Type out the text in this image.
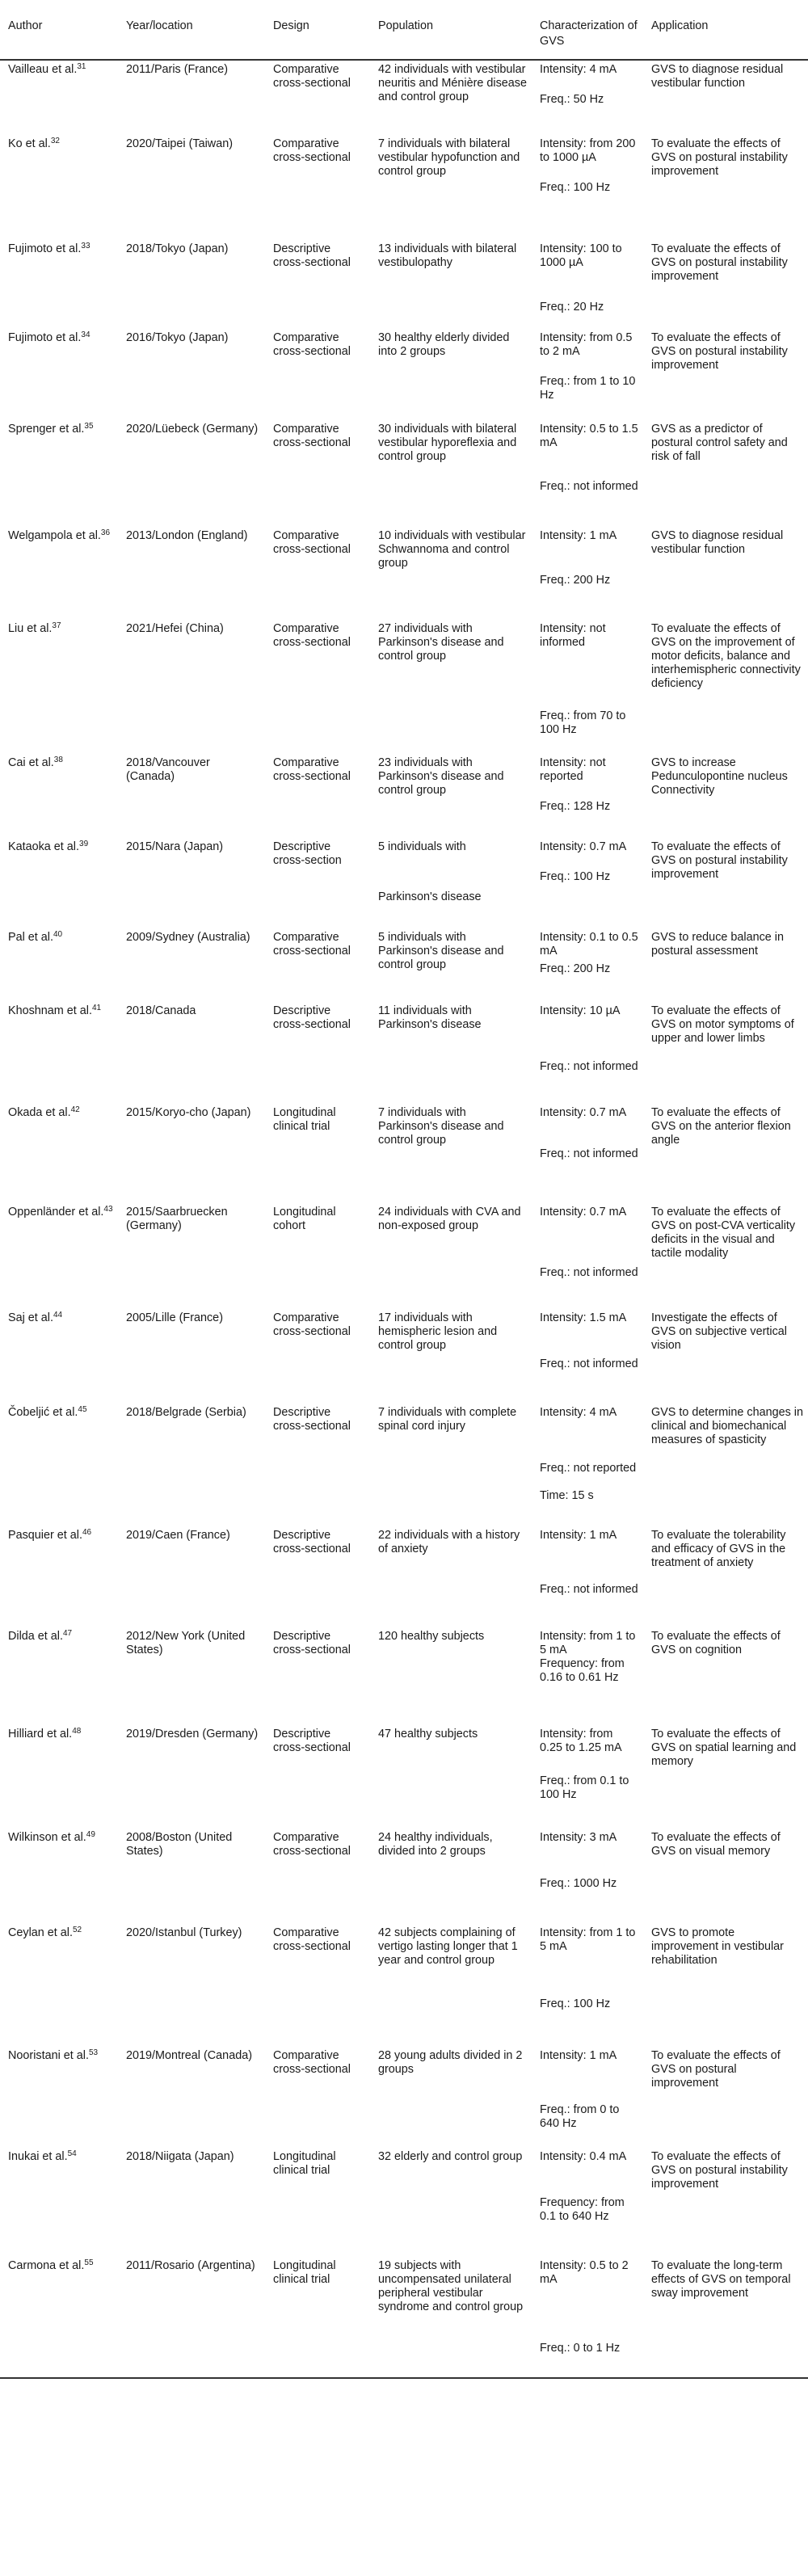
Author	Year/location	Design	Population	Characterization of GVS	Application
Vailleau et al.$^{31}$	2011/Paris (France)	Comparative cross-sectional	42 individuals with vestibular neuritis and Ménière disease and control group	Intensity: 4 mA
Freq.: 50 Hz	GVS to diagnose residual vestibular function
Ko et al.$^{32}$	2020/Taipei (Taiwan)	Comparative cross-sectional	7 individuals with bilateral vestibular hypofunction and control group	Intensity: from 200 to 1000 µA
Freq.: 100 Hz	To evaluate the effects of GVS on postural instability improvement
Fujimoto et al.$^{33}$	2018/Tokyo (Japan)	Descriptive cross-sectional	13 individuals with bilateral vestibulopathy	Intensity: 100 to 1000 µA
Freq.: 20 Hz	To evaluate the effects of GVS on postural instability improvement
Fujimoto et al.$^{34}$	2016/Tokyo (Japan)	Comparative cross-sectional	30 healthy elderly divided into 2 groups	Intensity: from 0.5 to 2 mA
Freq.: from 1 to 10 Hz	To evaluate the effects of GVS on postural instability improvement
Sprenger et al.$^{35}$	2020/Lüebeck (Germany)	Comparative cross-sectional	30 individuals with bilateral vestibular hyporeflexia and control group	Intensity: 0.5 to 1.5 mA
Freq.: not informed	GVS as a predictor of postural control safety and risk of fall
Welgampola et al.$^{36}$	2013/London (England)	Comparative cross-sectional	10 individuals with vestibular Schwannoma and control group	Intensity: 1 mA
Freq.: 200 Hz	GVS to diagnose residual vestibular function
Liu et al.$^{37}$	2021/Hefei (China)	Comparative cross-sectional	27 individuals with Parkinson's disease and control group	Intensity: not informed
Freq.: from 70 to 100 Hz	To evaluate the effects of GVS on the improvement of motor deficits, balance and interhemispheric connectivity deficiency
Cai et al.$^{38}$	2018/Vancouver (Canada)	Comparative cross-sectional	23 individuals with Parkinson's disease and control group	Intensity: not reported
Freq.: 128 Hz	GVS to increase Pedunculopontine nucleus Connectivity
Kataoka et al.$^{39}$	2015/Nara (Japan)	Descriptive cross-section	5 individuals with
Parkinson's disease	Intensity: 0.7 mA
Freq.: 100 Hz	To evaluate the effects of GVS on postural instability improvement
Pal et al.$^{40}$	2009/Sydney (Australia)	Comparative cross-sectional	5 individuals with Parkinson's disease and control group	Intensity: 0.1 to 0.5 mA
Freq.: 200 Hz	GVS to reduce balance in postural assessment
Khoshnam et al.$^{41}$	2018/Canada	Descriptive cross-sectional	11 individuals with Parkinson's disease	Intensity: 10 µA
Freq.: not informed	To evaluate the effects of GVS on motor symptoms of upper and lower limbs
Okada et al.$^{42}$	2015/Koryo-cho (Japan)	Longitudinal clinical trial	7 individuals with Parkinson's disease and control group	Intensity: 0.7 mA
Freq.: not informed	To evaluate the effects of GVS on the anterior flexion angle
Oppenländer et al.$^{43}$	2015/Saarbruecken (Germany)	Longitudinal cohort	24 individuals with CVA and non-exposed group	Intensity: 0.7 mA
Freq.: not informed	To evaluate the effects of GVS on post-CVA verticality deficits in the visual and tactile modality
Saj et al.$^{44}$	2005/Lille (France)	Comparative cross-sectional	17 individuals with hemispheric lesion and control group	Intensity: 1.5 mA
Freq.: not informed	Investigate the effects of GVS on subjective vertical vision
Čobeljić et al.$^{45}$	2018/Belgrade (Serbia)	Descriptive cross-sectional	7 individuals with complete spinal cord injury	Intensity: 4 mA
Freq.: not reported
Time: 15 s	GVS to determine changes in clinical and biomechanical measures of spasticity
Pasquier et al.$^{46}$	2019/Caen (France)	Descriptive cross-sectional	22 individuals with a history of anxiety	Intensity: 1 mA
Freq.: not informed	To evaluate the tolerability and efficacy of GVS in the treatment of anxiety
Dilda et al.$^{47}$	2012/New York (United States)	Descriptive cross-sectional	120 healthy subjects	Intensity: from 1 to 5 mA
Frequency: from 0.16 to 0.61 Hz	To evaluate the effects of GVS on cognition
Hilliard et al.$^{48}$	2019/Dresden (Germany)	Descriptive cross-sectional	47 healthy subjects	Intensity: from 0.25 to 1.25 mA
Freq.: from 0.1 to 100 Hz	To evaluate the effects of GVS on spatial learning and memory
Wilkinson et al.$^{49}$	2008/Boston (United States)	Comparative cross-sectional	24 healthy individuals, divided into 2 groups	Intensity: 3 mA
Freq.: 1000 Hz	To evaluate the effects of GVS on visual memory
Ceylan et al.$^{52}$	2020/Istanbul (Turkey)	Comparative cross-sectional	42 subjects complaining of vertigo lasting longer that 1 year and control group	Intensity: from 1 to 5 mA
Freq.: 100 Hz	GVS to promote improvement in vestibular rehabilitation
Nooristani et al.$^{53}$	2019/Montreal (Canada)	Comparative cross-sectional	28 young adults divided in 2 groups	Intensity: 1 mA
Freq.: from 0 to 640 Hz	To evaluate the effects of GVS on postural improvement
Inukai et al.$^{54}$	2018/Niigata (Japan)	Longitudinal clinical trial	32 elderly and control group	Intensity: 0.4 mA
Frequency: from 0.1 to 640 Hz	To evaluate the effects of GVS on postural instability improvement
Carmona et al.$^{55}$	2011/Rosario (Argentina)	Longitudinal clinical trial	19 subjects with uncompensated unilateral peripheral vestibular syndrome and control group	Intensity: 0.5 to 2 mA
Freq.: 0 to 1 Hz	To evaluate the long-term effects of GVS on temporal sway improvement
